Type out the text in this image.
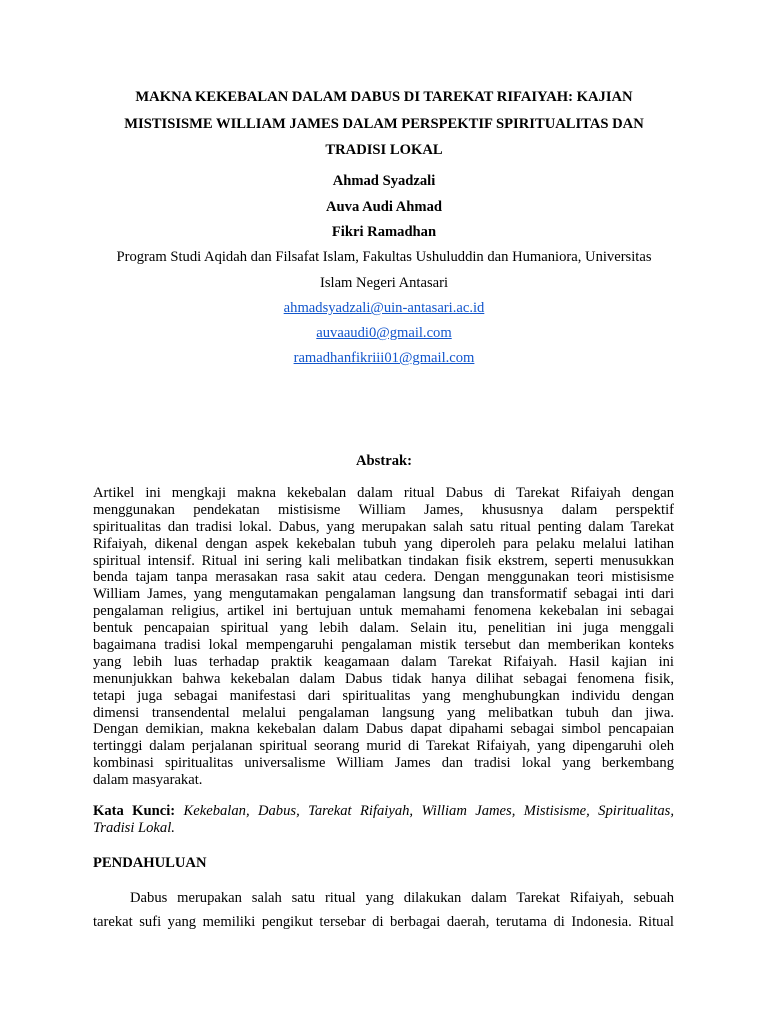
MAKNA KEKEBALAN DALAM DABUS DI TAREKAT RIFAIYAH: KAJIAN
MISTISISME WILLIAM JAMES DALAM PERSPEKTIF SPIRITUALITAS DAN
TRADISI LOKAL
Ahmad Syadzali
Auva Audi Ahmad
Fikri Ramadhan
Program Studi Aqidah dan Filsafat Islam, Fakultas Ushuluddin dan Humaniora, Universitas
Islam Negeri Antasari
ahmadsyadzali@uin-antasari.ac.id
auvaaudi0@gmail.com
ramadhanfikriii01@gmail.com
Abstrak:

Artikel ini mengkaji makna kekebalan dalam ritual Dabus di Tarekat Rifaiyah dengan
menggunakan pendekatan mistisisme William James, khususnya dalam perspektif
spiritualitas dan tradisi lokal. Dabus, yang merupakan salah satu ritual penting dalam Tarekat
Rifaiyah, dikenal dengan aspek kekebalan tubuh yang diperoleh para pelaku melalui latihan
spiritual intensif. Ritual ini sering kali melibatkan tindakan fisik ekstrem, seperti menusukkan
benda tajam tanpa merasakan rasa sakit atau cedera. Dengan menggunakan teori mistisisme
William James, yang mengutamakan pengalaman langsung dan transformatif sebagai inti dari
pengalaman religius, artikel ini bertujuan untuk memahami fenomena kekebalan ini sebagai
bentuk pencapaian spiritual yang lebih dalam. Selain itu, penelitian ini juga menggali
bagaimana tradisi lokal mempengaruhi pengalaman mistik tersebut dan memberikan konteks
yang lebih luas terhadap praktik keagamaan dalam Tarekat Rifaiyah. Hasil kajian ini
menunjukkan bahwa kekebalan dalam Dabus tidak hanya dilihat sebagai fenomena fisik,
tetapi juga sebagai manifestasi dari spiritualitas yang menghubungkan individu dengan
dimensi transendental melalui pengalaman langsung yang melibatkan tubuh dan jiwa.
Dengan demikian, makna kekebalan dalam Dabus dapat dipahami sebagai simbol pencapaian
tertinggi dalam perjalanan spiritual seorang murid di Tarekat Rifaiyah, yang dipengaruhi oleh
kombinasi spiritualitas universalisme William James dan tradisi lokal yang berkembang
dalam masyarakat.

Kata Kunci: Kekebalan, Dabus, Tarekat Rifaiyah, William James, Mistisisme, Spiritualitas,
Tradisi Lokal.

PENDAHULUAN

Dabus merupakan salah satu ritual yang dilakukan dalam Tarekat Rifaiyah, sebuah
tarekat sufi yang memiliki pengikut tersebar di berbagai daerah, terutama di Indonesia. Ritual
